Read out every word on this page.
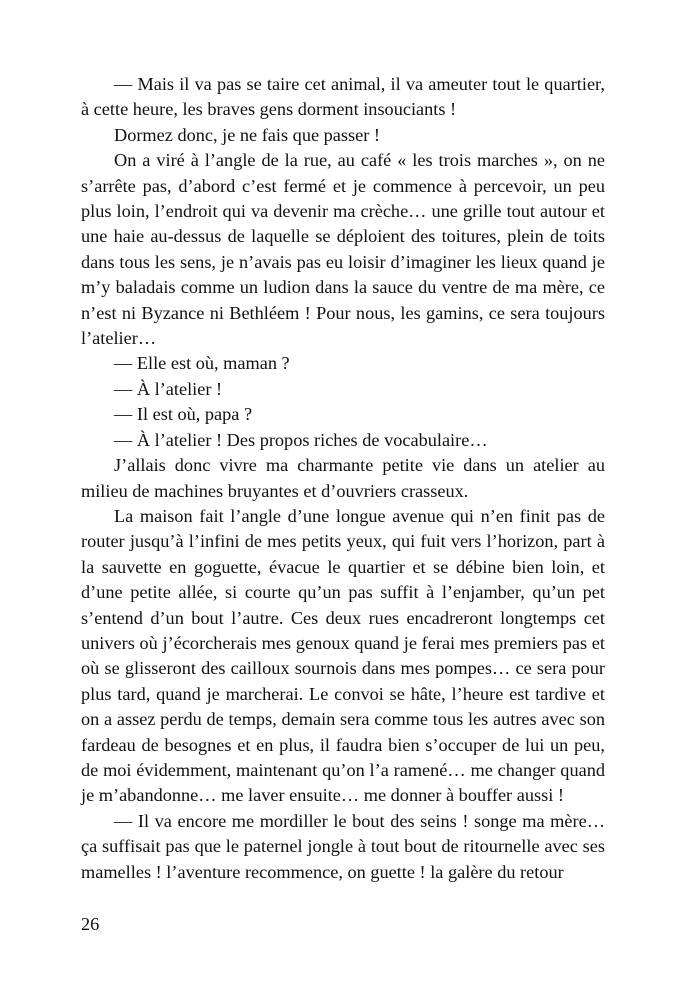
— Mais il va pas se taire cet animal, il va ameuter tout le quartier, à cette heure, les braves gens dorment insouciants !

Dormez donc, je ne fais que passer !

On a viré à l’angle de la rue, au café « les trois marches », on ne s’arrête pas, d’abord c’est fermé et je commence à percevoir, un peu plus loin, l’endroit qui va devenir ma crèche… une grille tout autour et une haie au-dessus de laquelle se déploient des toitures, plein de toits dans tous les sens, je n’avais pas eu loisir d’imaginer les lieux quand je m’y baladais comme un ludion dans la sauce du ventre de ma mère, ce n’est ni Byzance ni Bethléem ! Pour nous, les gamins, ce sera toujours l’atelier…

— Elle est où, maman ?

— À l’atelier !

— Il est où, papa ?

— À l’atelier ! Des propos riches de vocabulaire…

J’allais donc vivre ma charmante petite vie dans un atelier au milieu de machines bruyantes et d’ouvriers crasseux.

La maison fait l’angle d’une longue avenue qui n’en finit pas de router jusqu’à l’infini de mes petits yeux, qui fuit vers l’horizon, part à la sauvette en goguette, évacue le quartier et se débine bien loin, et d’une petite allée, si courte qu’un pas suffit à l’enjamber, qu’un pet s’entend d’un bout l’autre. Ces deux rues encadreront longtemps cet univers où j’écorcherais mes genoux quand je ferai mes premiers pas et où se glisseront des cailloux sournois dans mes pompes… ce sera pour plus tard, quand je marcherai. Le convoi se hâte, l’heure est tardive et on a assez perdu de temps, demain sera comme tous les autres avec son fardeau de besognes et en plus, il faudra bien s’occuper de lui un peu, de moi évidemment, maintenant qu’on l’a ramené… me changer quand je m’abandonne… me laver ensuite… me donner à bouffer aussi !

— Il va encore me mordiller le bout des seins ! songe ma mère… ça suffisait pas que le paternel jongle à tout bout de ritournelle avec ses mamelles ! l’aventure recommence, on guette ! la galère du retour

26
